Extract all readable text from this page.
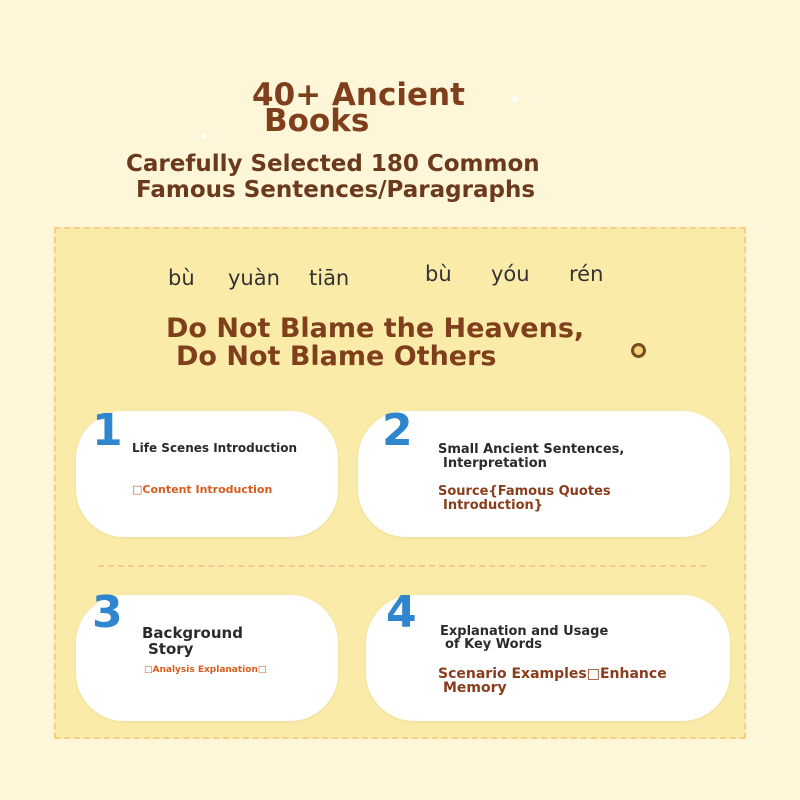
40+ Ancient
Books
Carefully Selected 180 Common
Famous Sentences/Paragraphs
bù yuàn tiān	bù yóu rén
Do Not Blame the Heavens,
Do Not Blame Others
1 Life Scenes Introduction
□Content Introduction
2 Small Ancient Sentences,
Interpretation
Source{Famous Quotes
Introduction}
3 Background
Story
□Analysis Explanation□
4 Explanation and Usage
of Key Words
Scenario Examples□Enhance
Memory
